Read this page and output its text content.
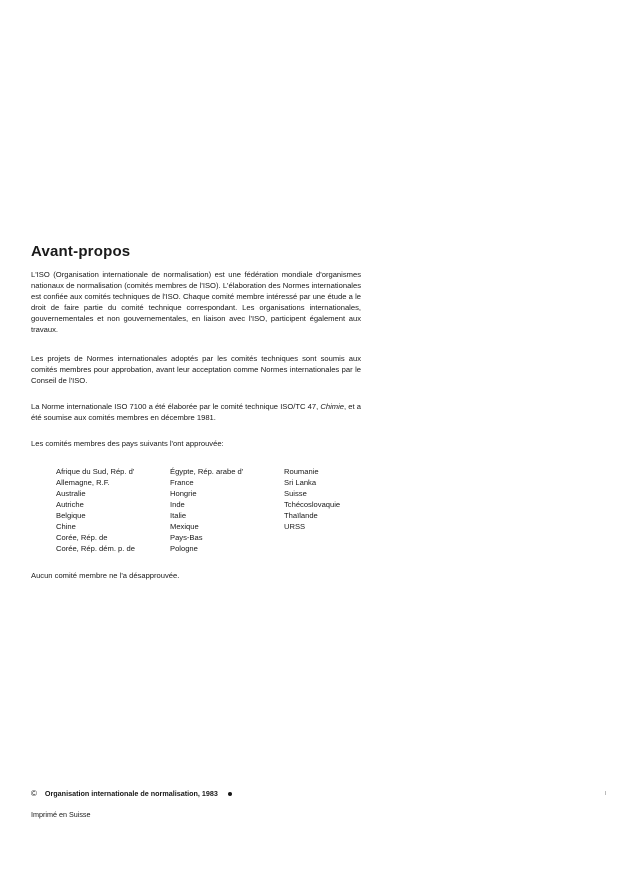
Avant-propos

L'ISO (Organisation internationale de normalisation) est une fédération mondiale d'organismes nationaux de normalisation (comités membres de l'ISO). L'élaboration des Normes internationales est confiée aux comités techniques de l'ISO. Chaque comité membre intéressé par une étude a le droit de faire partie du comité technique correspondant. Les organisations internationales, gouvernementales et non gouvernementales, en liaison avec l'ISO, participent également aux travaux.

Les projets de Normes internationales adoptés par les comités techniques sont soumis aux comités membres pour approbation, avant leur acceptation comme Normes internationales par le Conseil de l'ISO.

La Norme internationale ISO 7100 a été élaborée par le comité technique ISO/TC 47, Chimie, et a été soumise aux comités membres en décembre 1981.

Les comités membres des pays suivants l'ont approuvée:

Afrique du Sud, Rép. d'
Allemagne, R.F.
Australie
Autriche
Belgique
Chine
Corée, Rép. de
Corée, Rép. dém. p. de
Égypte, Rép. arabe d'
France
Hongrie
Inde
Italie
Mexique
Pays-Bas
Pologne
Roumanie
Sri Lanka
Suisse
Tchécoslovaquie
Thaïlande
URSS

Aucun comité membre ne l'a désapprouvée.

© Organisation internationale de normalisation, 1983
Imprimé en Suisse
